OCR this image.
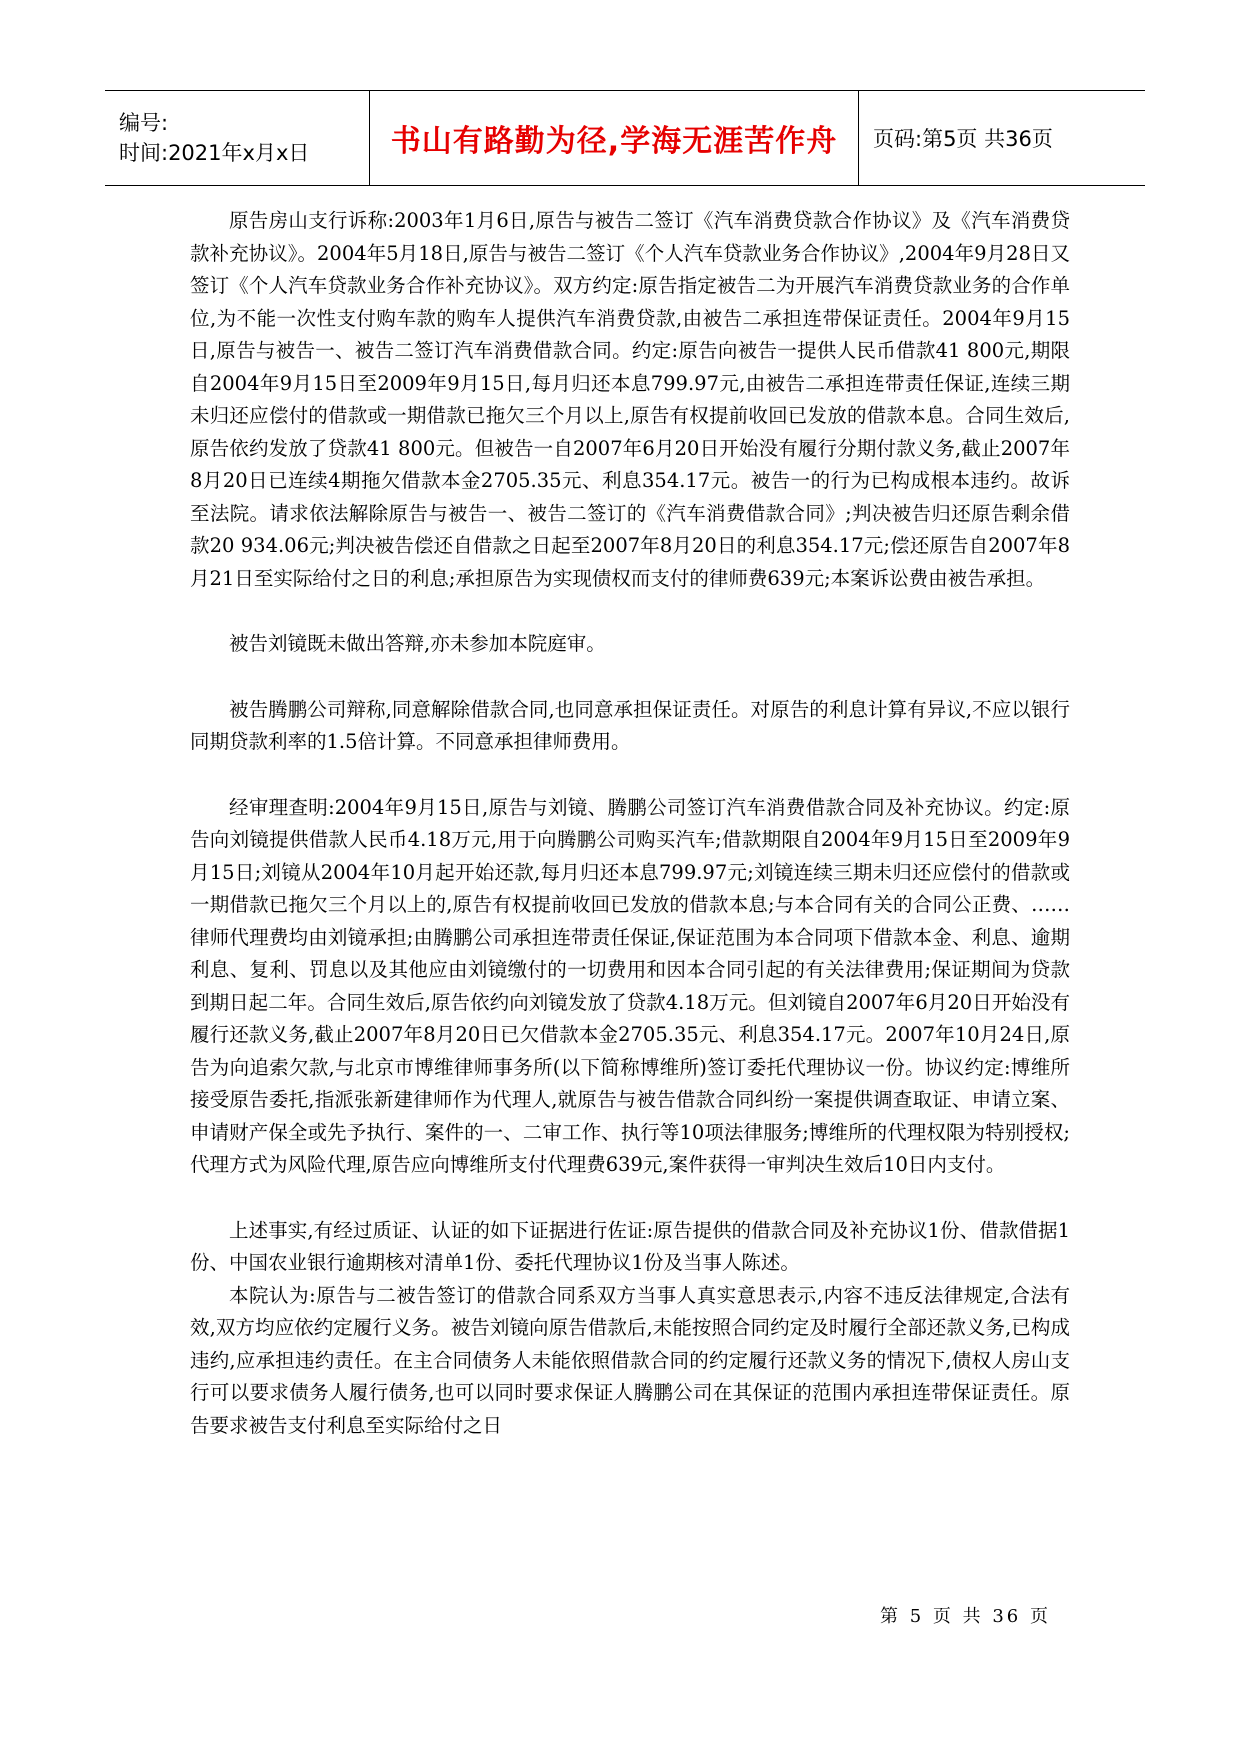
编号:
时间:2021年x月x日	书山有路勤为径,学海无涯苦作舟	页码:第5页 共36页

原告房山支行诉称:2003年1月6日,原告与被告二签订《汽车消费贷款合作协议》及《汽车消费贷款补充协议》。2004年5月18日,原告与被告二签订《个人汽车贷款业务合作协议》,2004年9月28日又签订《个人汽车贷款业务合作补充协议》。双方约定:原告指定被告二为开展汽车消费贷款业务的合作单位,为不能一次性支付购车款的购车人提供汽车消费贷款,由被告二承担连带保证责任。2004年9月15日,原告与被告一、被告二签订汽车消费借款合同。约定:原告向被告一提供人民币借款41 800元,期限自2004年9月15日至2009年9月15日,每月归还本息799.97元,由被告二承担连带责任保证,连续三期未归还应偿付的借款或一期借款已拖欠三个月以上,原告有权提前收回已发放的借款本息。合同生效后,原告依约发放了贷款41 800元。但被告一自2007年6月20日开始没有履行分期付款义务,截止2007年8月20日已连续4期拖欠借款本金2705.35元、利息354.17元。被告一的行为已构成根本违约。故诉至法院。请求依法解除原告与被告一、被告二签订的《汽车消费借款合同》;判决被告归还原告剩余借款20 934.06元;判决被告偿还自借款之日起至2007年8月20日的利息354.17元;偿还原告自2007年8月21日至实际给付之日的利息;承担原告为实现债权而支付的律师费639元;本案诉讼费由被告承担。

被告刘镜既未做出答辩,亦未参加本院庭审。

被告腾鹏公司辩称,同意解除借款合同,也同意承担保证责任。对原告的利息计算有异议,不应以银行同期贷款利率的1.5倍计算。不同意承担律师费用。

经审理查明:2004年9月15日,原告与刘镜、腾鹏公司签订汽车消费借款合同及补充协议。约定:原告向刘镜提供借款人民币4.18万元,用于向腾鹏公司购买汽车;借款期限自2004年9月15日至2009年9月15日;刘镜从2004年10月起开始还款,每月归还本息799.97元;刘镜连续三期未归还应偿付的借款或一期借款已拖欠三个月以上的,原告有权提前收回已发放的借款本息;与本合同有关的合同公正费、……律师代理费均由刘镜承担;由腾鹏公司承担连带责任保证,保证范围为本合同项下借款本金、利息、逾期利息、复利、罚息以及其他应由刘镜缴付的一切费用和因本合同引起的有关法律费用;保证期间为贷款到期日起二年。合同生效后,原告依约向刘镜发放了贷款4.18万元。但刘镜自2007年6月20日开始没有履行还款义务,截止2007年8月20日已欠借款本金2705.35元、利息354.17元。2007年10月24日,原告为向追索欠款,与北京市博维律师事务所(以下简称博维所)签订委托代理协议一份。协议约定:博维所接受原告委托,指派张新建律师作为代理人,就原告与被告借款合同纠纷一案提供调查取证、申请立案、申请财产保全或先予执行、案件的一、二审工作、执行等10项法律服务;博维所的代理权限为特别授权;代理方式为风险代理,原告应向博维所支付代理费639元,案件获得一审判决生效后10日内支付。

上述事实,有经过质证、认证的如下证据进行佐证:原告提供的借款合同及补充协议1份、借款借据1份、中国农业银行逾期核对清单1份、委托代理协议1份及当事人陈述。

本院认为:原告与二被告签订的借款合同系双方当事人真实意思表示,内容不违反法律规定,合法有效,双方均应依约定履行义务。被告刘镜向原告借款后,未能按照合同约定及时履行全部还款义务,已构成违约,应承担违约责任。在主合同债务人未能依照借款合同的约定履行还款义务的情况下,债权人房山支行可以要求债务人履行债务,也可以同时要求保证人腾鹏公司在其保证的范围内承担连带保证责任。原告要求被告支付利息至实际给付之日

第 5 页 共 36 页
